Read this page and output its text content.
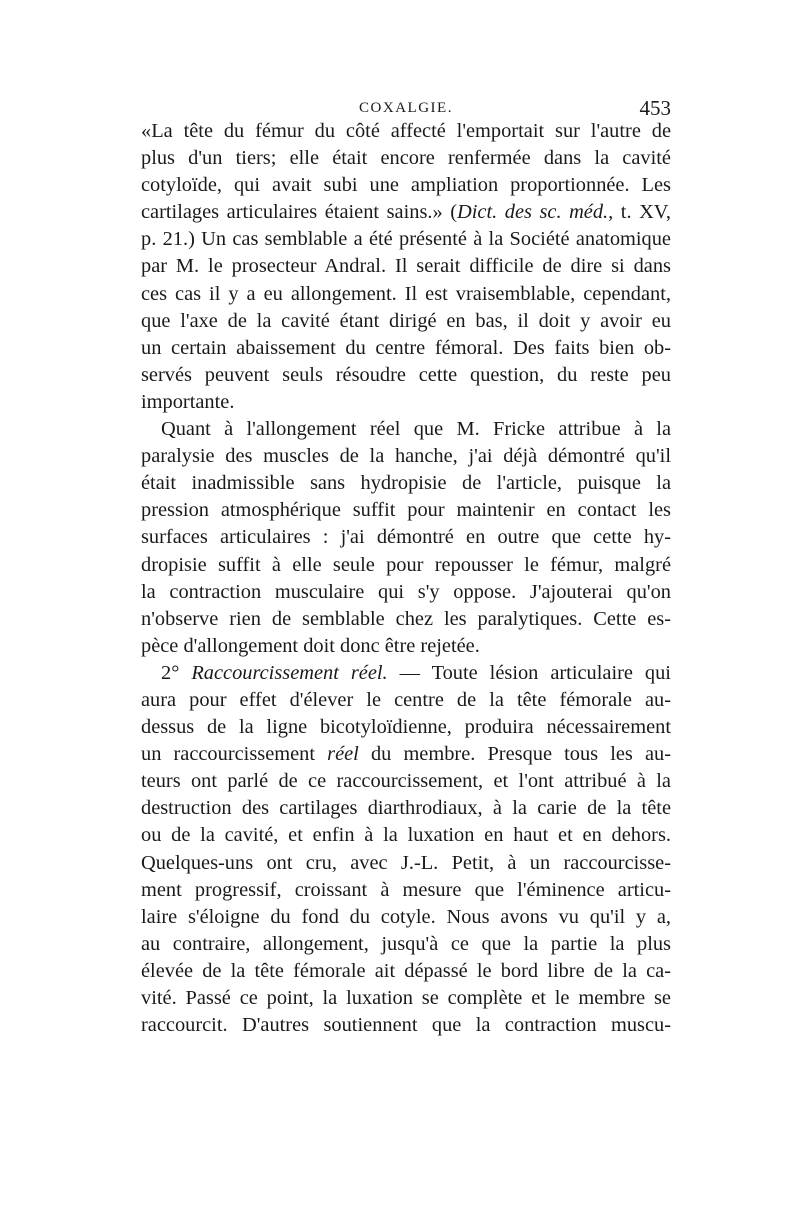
COXALGIE.	453

«La tête du fémur du côté affecté l'emportait sur l'autre de
plus d'un tiers; elle était encore renfermée dans la cavité
cotyloïde, qui avait subi une ampliation proportionnée. Les
cartilages articulaires étaient sains.» (Dict. des sc. méd., t. XV,
p. 21.) Un cas semblable a été présenté à la Société anatomique
par M. le prosecteur Andral. Il serait difficile de dire si dans
ces cas il y a eu allongement. Il est vraisemblable, cependant,
que l'axe de la cavité étant dirigé en bas, il doit y avoir eu
un certain abaissement du centre fémoral. Des faits bien ob-
servés peuvent seuls résoudre cette question, du reste peu
importante.

Quant à l'allongement réel que M. Fricke attribue à la
paralysie des muscles de la hanche, j'ai déjà démontré qu'il
était inadmissible sans hydropisie de l'article, puisque la
pression atmosphérique suffit pour maintenir en contact les
surfaces articulaires : j'ai démontré en outre que cette hy-
dropisie suffit à elle seule pour repousser le fémur, malgré
la contraction musculaire qui s'y oppose. J'ajouterai qu'on
n'observe rien de semblable chez les paralytiques. Cette es-
pèce d'allongement doit donc être rejetée.

2° Raccourcissement réel. — Toute lésion articulaire qui
aura pour effet d'élever le centre de la tête fémorale au-
dessus de la ligne bicotyloïdienne, produira nécessairement
un raccourcissement réel du membre. Presque tous les au-
teurs ont parlé de ce raccourcissement, et l'ont attribué à la
destruction des cartilages diarthrodiaux, à la carie de la tête
ou de la cavité, et enfin à la luxation en haut et en dehors.
Quelques-uns ont cru, avec J.-L. Petit, à un raccourcisse-
ment progressif, croissant à mesure que l'éminence articu-
laire s'éloigne du fond du cotyle. Nous avons vu qu'il y a,
au contraire, allongement, jusqu'à ce que la partie la plus
élevée de la tête fémorale ait dépassé le bord libre de la ca-
vité. Passé ce point, la luxation se complète et le membre se
raccourcit. D'autres soutiennent que la contraction muscu-
